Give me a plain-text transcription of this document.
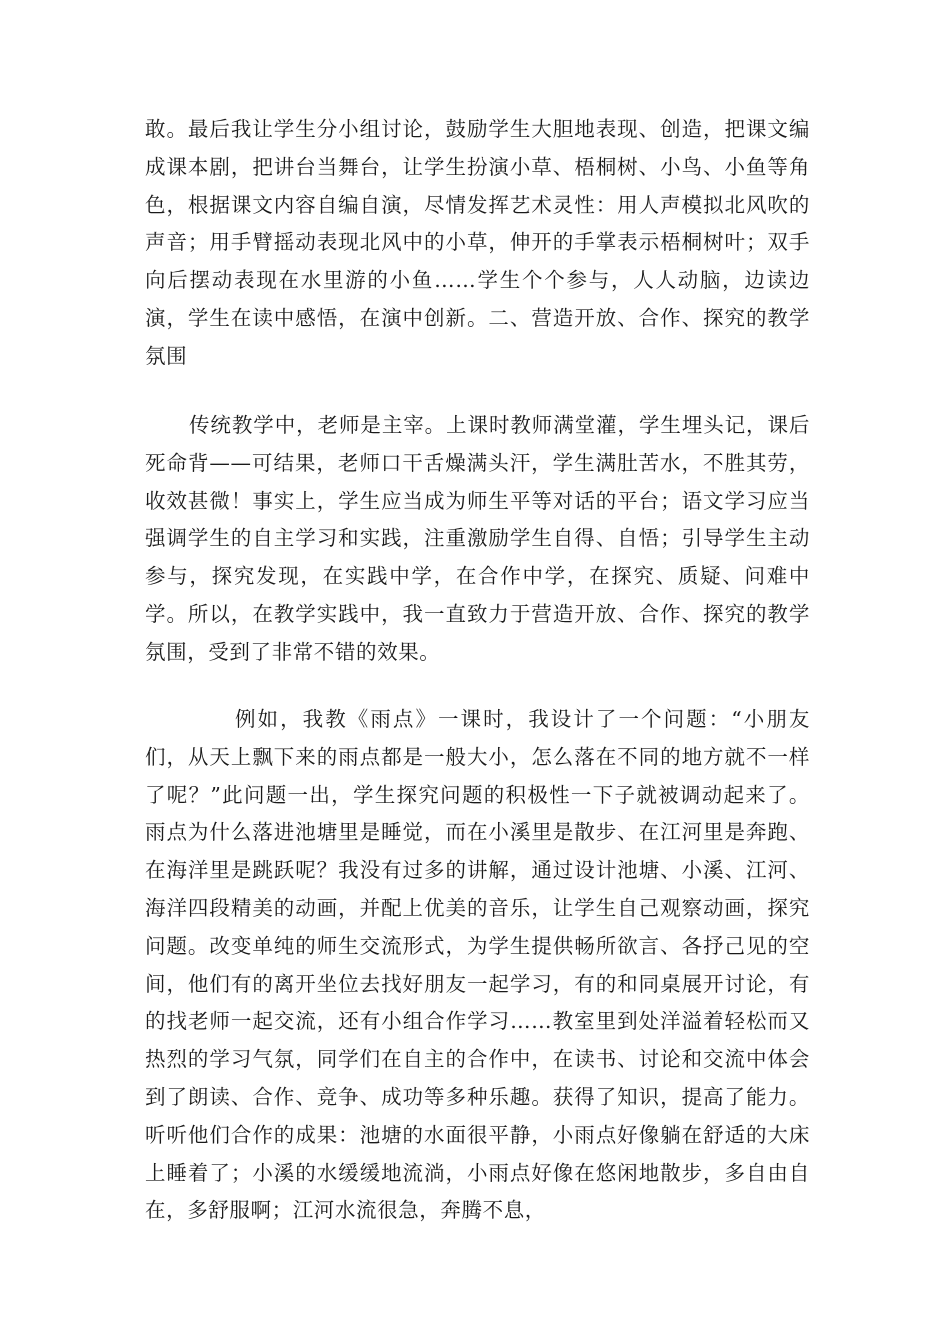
敢。最后我让学生分小组讨论，鼓励学生大胆地表现、创造，把课文编成课本剧，把讲台当舞台，让学生扮演小草、梧桐树、小鸟、小鱼等角色，根据课文内容自编自演，尽情发挥艺术灵性：用人声模拟北风吹的声音；用手臂摇动表现北风中的小草，伸开的手掌表示梧桐树叶；双手向后摆动表现在水里游的小鱼……学生个个参与，人人动脑，边读边演，学生在读中感悟，在演中创新。二、营造开放、合作、探究的教学氛围

传统教学中，老师是主宰。上课时教师满堂灌，学生埋头记，课后死命背——可结果，老师口干舌燥满头汗，学生满肚苦水，不胜其劳，收效甚微！事实上，学生应当成为师生平等对话的平台；语文学习应当强调学生的自主学习和实践，注重激励学生自得、自悟；引导学生主动参与，探究发现，在实践中学，在合作中学，在探究、质疑、问难中学。所以，在教学实践中，我一直致力于营造开放、合作、探究的教学氛围，受到了非常不错的效果。

例如，我教《雨点》一课时，我设计了一个问题：“小朋友们，从天上飘下来的雨点都是一般大小，怎么落在不同的地方就不一样了呢？”此问题一出，学生探究问题的积极性一下子就被调动起来了。雨点为什么落进池塘里是睡觉，而在小溪里是散步、在江河里是奔跑、在海洋里是跳跃呢？我没有过多的讲解，通过设计池塘、小溪、江河、海洋四段精美的动画，并配上优美的音乐，让学生自己观察动画，探究问题。改变单纯的师生交流形式，为学生提供畅所欲言、各抒己见的空间，他们有的离开坐位去找好朋友一起学习，有的和同桌展开讨论，有的找老师一起交流，还有小组合作学习……教室里到处洋溢着轻松而又热烈的学习气氛，同学们在自主的合作中，在读书、讨论和交流中体会到了朗读、合作、竞争、成功等多种乐趣。获得了知识，提高了能力。听听他们合作的成果：池塘的水面很平静，小雨点好像躺在舒适的大床上睡着了；小溪的水缓缓地流淌，小雨点好像在悠闲地散步，多自由自在，多舒服啊；江河水流很急，奔腾不息，
